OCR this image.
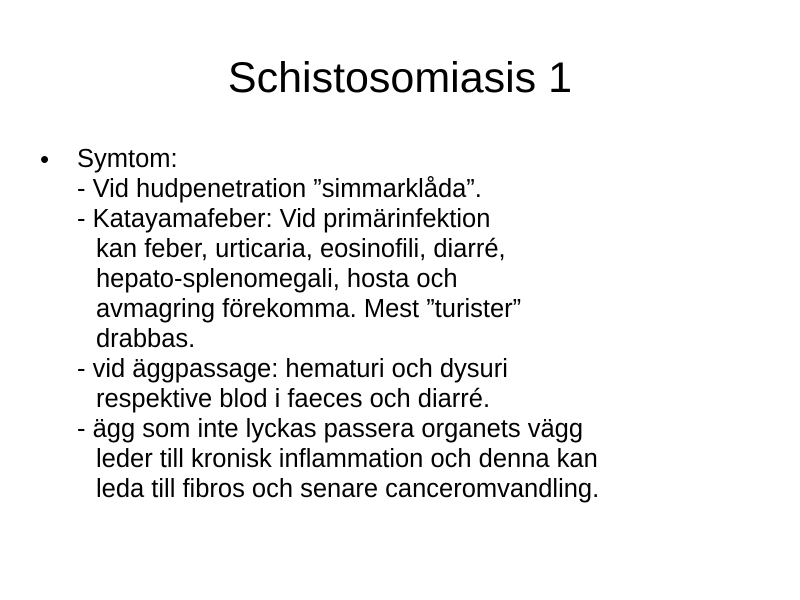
Schistosomiasis 1
• Symtom:
- Vid hudpenetration ”simmarklåda”.
- Katayamafeber: Vid primärinfektion
kan feber, urticaria, eosinofili, diarré,
hepato-splenomegali, hosta och
avmagring förekomma. Mest ”turister”
drabbas.
- vid äggpassage: hematuri och dysuri
respektive blod i faeces och diarré.
- ägg som inte lyckas passera organets vägg
leder till kronisk inflammation och denna kan
leda till fibros och senare canceromvandling.
